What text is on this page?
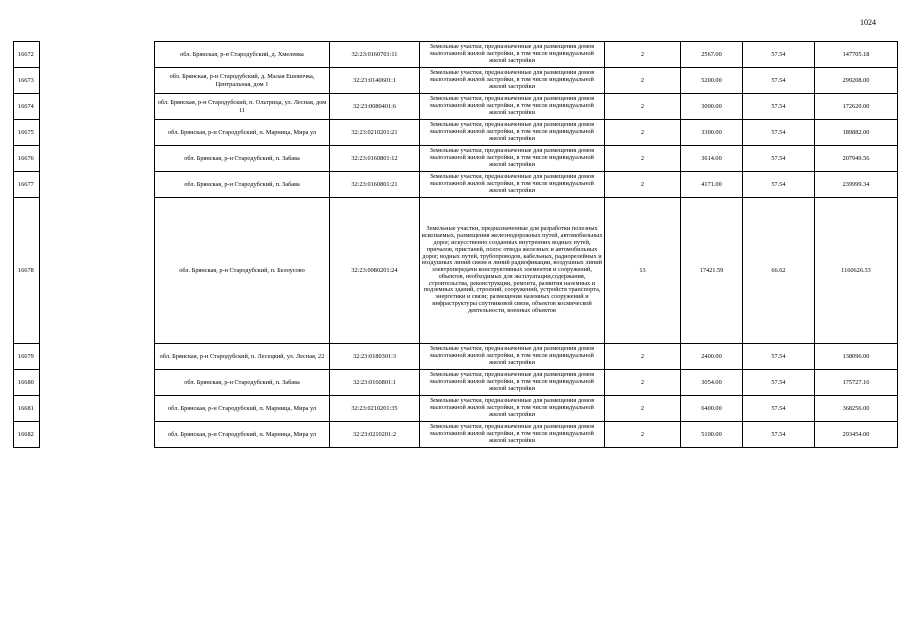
1024
16672		обл. Брянская, р-н Стародубский, д. Хмелевка	32:23:0160701:11	Земельные участки, предназначенные для размещения домов малоэтажной жилой застройки, в том числе индивидуальной жилой застройки	2	2567.00	57.54	147705.18
16673		обл. Брянская, р-н Стародубский, д. Малая Ешовочка, Центральная, дом 1	32:23:0140601:1	Земельные участки, предназначенные для размещения домов малоэтажной жилой застройки, в том числе индивидуальной жилой застройки	2	5200.00	57.54	299208.00
16674		обл. Брянская, р-н Стародубский, п. Ольтрица, ул. Лесная, дом 11	32:23:0080401:6	Земельные участки, предназначенные для размещения домов малоэтажной жилой застройки, в том числе индивидуальной жилой застройки	2	3000.00	57.54	172620.00
16675		обл. Брянская, р-н Стародубский, п. Марница, Мира ул	32:23:0210201:21	Земельные участки, предназначенные для размещения домов малоэтажной жилой застройки, в том числе индивидуальной жилой застройки	2	3300.00	57.54	189882.00
16676		обл. Брянская, р-н Стародубский, п. Забава	32:23:0160801:12	Земельные участки, предназначенные для размещения домов малоэтажной жилой застройки, в том числе индивидуальной жилой застройки	2	3614.00	57.54	207949.56
16677		обл. Брянская, р-н Стародубский, п. Забава	32:23:0160801:21	Земельные участки, предназначенные для размещения домов малоэтажной жилой застройки, в том числе индивидуальной жилой застройки	2	4171.00	57.54	239999.34
16678		обл. Брянская, р-н Стародубский, п. Белоусово	32:23:0080201:24	Земельные участки, предназначенные для разработки полезных ископаемых, размещения железнодорожных путей, автомобильных дорог, искусственно созданных внутренних водных путей, причалов, пристаней, полос отвода железных и автомобильных дорог, водных путей, трубопроводов, кабельных, радиорелейных и воздушных линий связи и линий радиофикации, воздушных линий электропередачи конструктивных элементов и сооружений, объектов, необходимых для эксплуатации,содержания, строительства, реконструкции, ремонта, развития наземных и подземных зданий, строений, сооружений, устройств транспорта, энергетики и связи; размещения наземных сооружений и инфраструктуры спутниковой связи, объектов космической деятельности, военных объектов	13	17421.59	66.62	1160626.33
16679		обл. Брянская, р-н Стародубский, п. Лесецкий, ул. Лесная, 22	32:23:0180301:3	Земельные участки, предназначенные для размещения домов малоэтажной жилой застройки, в том числе индивидуальной жилой застройки	2	2400.00	57.54	138096.00
16680		обл. Брянская, р-н Стародубский, п. Забава	32:23:0160801:1	Земельные участки, предназначенные для размещения домов малоэтажной жилой застройки, в том числе индивидуальной жилой застройки	2	3054.00	57.54	175727.16
16681		обл. Брянская, р-н Стародубский, п. Марница, Мира ул	32:23:0210201:35	Земельные участки, предназначенные для размещения домов малоэтажной жилой застройки, в том числе индивидуальной жилой застройки	2	6400.00	57.54	368256.00
16682		обл. Брянская, р-н Стародубский, п. Марница, Мира ул	32:23:0210201:2	Земельные участки, предназначенные для размещения домов малоэтажной жилой застройки, в том числе индивидуальной жилой застройки	2	5100.00	57.54	293454.00
